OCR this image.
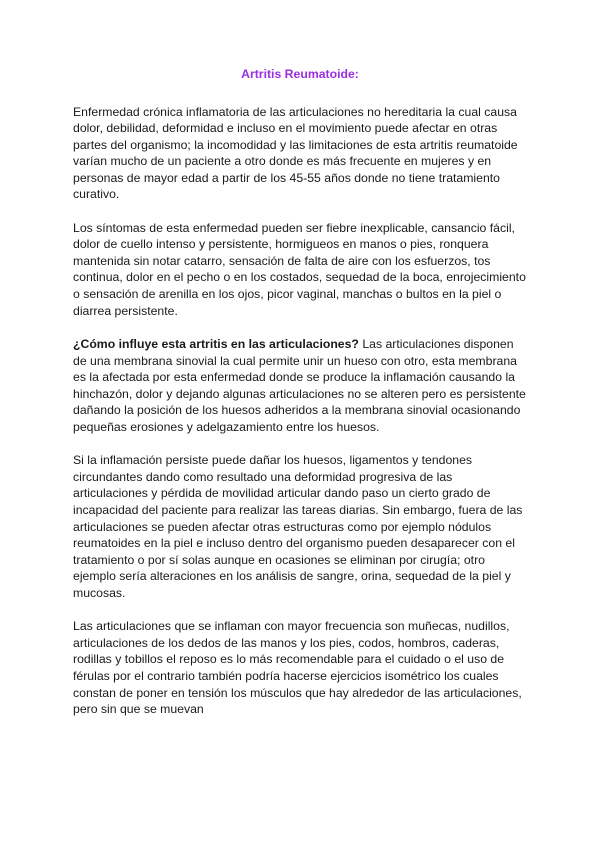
Artritis Reumatoide:

Enfermedad crónica inflamatoria de las articulaciones no hereditaria la cual causa dolor, debilidad, deformidad e incluso en el movimiento puede afectar en otras partes del organismo; la incomodidad y las limitaciones de esta artritis reumatoide varían mucho de un paciente a otro donde es más frecuente en mujeres y en personas de mayor edad a partir de los 45-55 años donde no tiene tratamiento curativo.

Los síntomas de esta enfermedad pueden ser fiebre inexplicable, cansancio fácil, dolor de cuello intenso y persistente, hormigueos en manos o pies, ronquera mantenida sin notar catarro, sensación de falta de aire con los esfuerzos, tos continua, dolor en el pecho o en los costados, sequedad de la boca, enrojecimiento o sensación de arenilla en los ojos, picor vaginal, manchas o bultos en la piel o diarrea persistente.

¿Cómo influye esta artritis en las articulaciones? Las articulaciones disponen de una membrana sinovial la cual permite unir un hueso con otro, esta membrana es la afectada por esta enfermedad donde se produce la inflamación causando la hinchazón, dolor y dejando algunas articulaciones no se alteren pero es persistente dañando la posición de los huesos adheridos a la membrana sinovial ocasionando pequeñas erosiones y adelgazamiento entre los huesos.

Si la inflamación persiste puede dañar los huesos, ligamentos y tendones circundantes dando como resultado una deformidad progresiva de las articulaciones y pérdida de movilidad articular dando paso un cierto grado de incapacidad del paciente para realizar las tareas diarias. Sin embargo, fuera de las articulaciones se pueden afectar otras estructuras como por ejemplo nódulos reumatoides en la piel e incluso dentro del organismo pueden desaparecer con el tratamiento o por sí solas aunque en ocasiones se eliminan por cirugía; otro ejemplo sería alteraciones en los análisis de sangre, orina, sequedad de la piel y mucosas.

Las articulaciones que se inflaman con mayor frecuencia son muñecas, nudillos, articulaciones de los dedos de las manos y los pies, codos, hombros, caderas, rodillas y tobillos el reposo es lo más recomendable para el cuidado o el uso de férulas por el contrario también podría hacerse ejercicios isométrico los cuales constan de poner en tensión los músculos que hay alrededor de las articulaciones, pero sin que se muevan
